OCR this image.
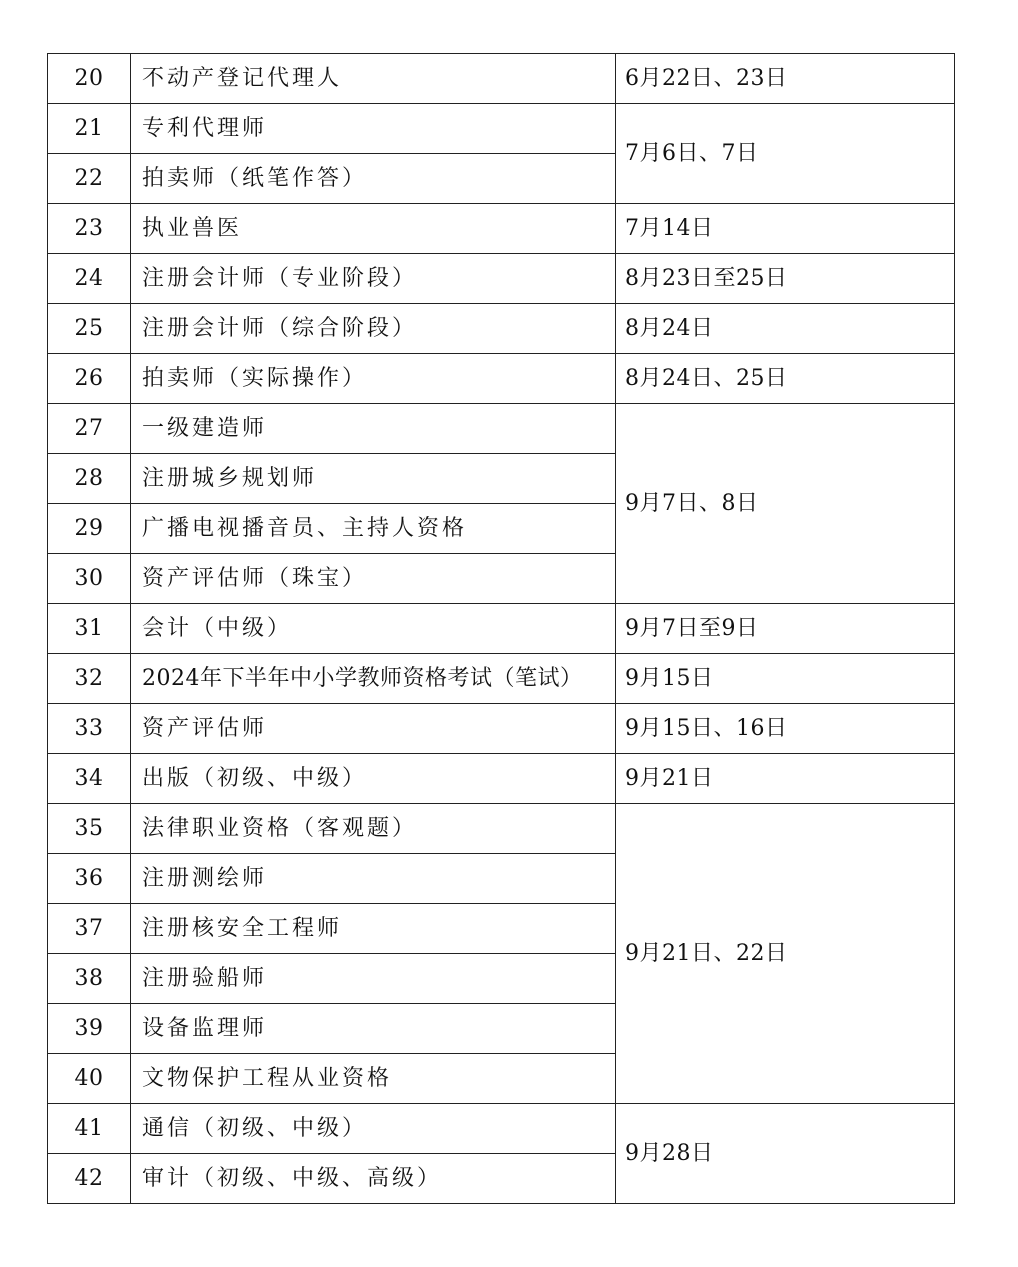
20	不动产登记代理人	6月22日、23日
21	专利代理师	7月6日、7日
22	拍卖师（纸笔作答）	
23	执业兽医	7月14日
24	注册会计师（专业阶段）	8月23日至25日
25	注册会计师（综合阶段）	8月24日
26	拍卖师（实际操作）	8月24日、25日
27	一级建造师	9月7日、8日
28	注册城乡规划师	
29	广播电视播音员、主持人资格	
30	资产评估师（珠宝）	
31	会计（中级）	9月7日至9日
32	2024年下半年中小学教师资格考试（笔试）	9月15日
33	资产评估师	9月15日、16日
34	出版（初级、中级）	9月21日
35	法律职业资格（客观题）	9月21日、22日
36	注册测绘师	
37	注册核安全工程师	
38	注册验船师	
39	设备监理师	
40	文物保护工程从业资格	
41	通信（初级、中级）	9月28日
42	审计（初级、中级、高级）	
